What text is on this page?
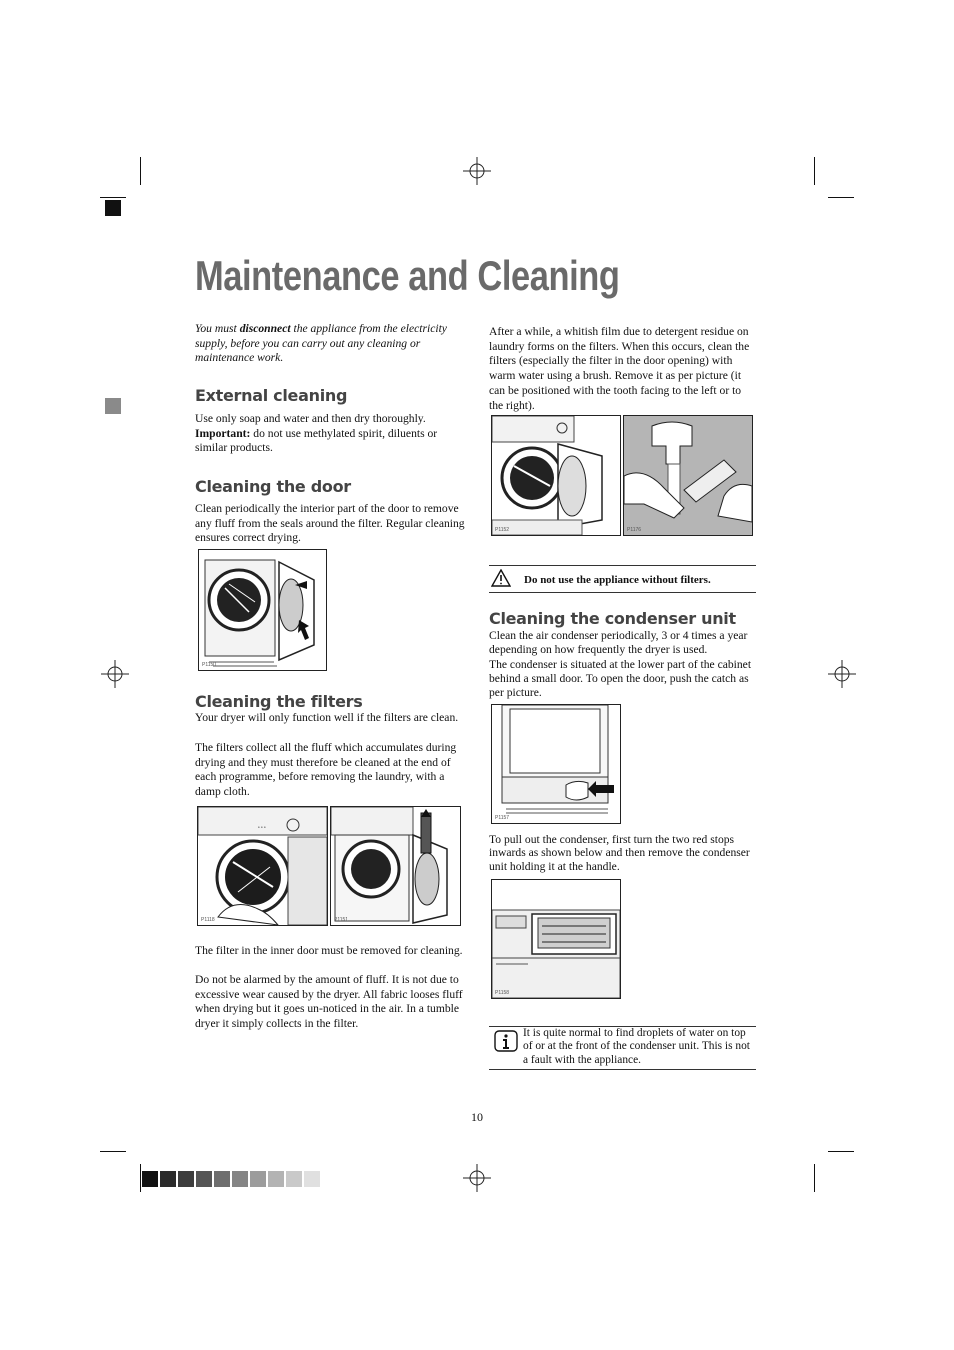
Maintenance and Cleaning

You must disconnect the appliance from the electricity supply, before you can carry out any cleaning or maintenance work.

External cleaning

Use only soap and water and then dry thoroughly.
Important: do not use methylated spirit, diluents or similar products.

Cleaning the door

Clean periodically the interior part of the door to remove any fluff from the seals around the filter. Regular cleaning ensures correct drying.

P1150
Cleaning the filters

Your dryer will only function well if the filters are clean.

The filters collect all the fluff which accumulates during drying and they must therefore be cleaned at the end of each programme, before removing the laundry, with a damp cloth.

• • •
P1118	P1151

The filter in the inner door must be removed for cleaning.

Do not be alarmed by the amount of fluff. It is not due to excessive wear caused by the dryer. All fabric looses fluff when drying but it goes un-noticed in the air. In a tumble dryer it simply collects in the filter.

After a while, a whitish film due to detergent residue on laundry forms on the filters. When this occurs, clean the filters (especially the filter in the door opening) with warm water using a brush. Remove it as per picture (it can be positioned with the tooth facing to the left or to the right).

P1152	P1176

Do not use the appliance without filters.

Cleaning the condenser unit

Clean the air condenser periodically, 3 or 4 times a year depending on how frequently the dryer is used.

The condenser is situated at the lower part of the cabinet behind a small door. To open the door, push the catch as per picture.

P1157

To pull out the condenser, first turn the two red stops inwards as shown below and then remove the condenser unit holding it at the handle.

P1158

It is quite normal to find droplets of water on top of or at the front of the condenser unit. This is not a fault with the appliance.

10
